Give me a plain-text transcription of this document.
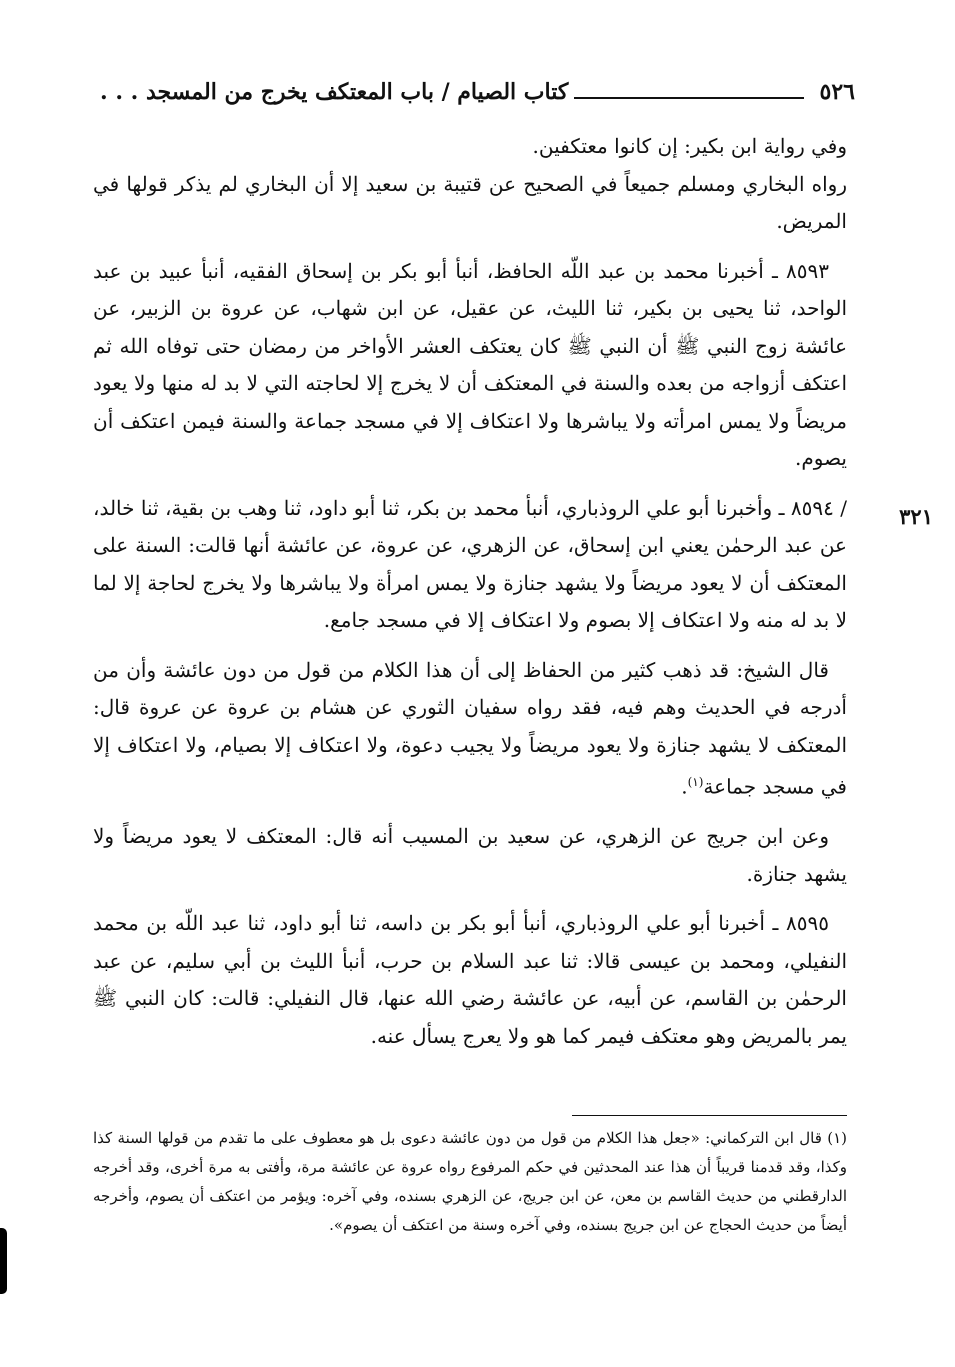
٥٢٦
كتاب الصيام / باب المعتكف يخرج من المسجد . . .
٣٢١

وفي رواية ابن بكير: إن كانوا معتكفين.

رواه البخاري ومسلم جميعاً في الصحيح عن قتيبة بن سعيد إلا أن البخاري لم يذكر قولها في المريض.

٨٥٩٣ ـ أخبرنا محمد بن عبد اللّه الحافظ، أنبأ أبو بكر بن إسحاق الفقيه، أنبأ عبيد بن عبد الواحد، ثنا يحيى بن بكير، ثنا الليث، عن عقيل، عن ابن شهاب، عن عروة بن الزبير، عن عائشة زوج النبي ﷺ أن النبي ﷺ كان يعتكف العشر الأواخر من رمضان حتى توفاه الله ثم اعتكف أزواجه من بعده والسنة في المعتكف أن لا يخرج إلا لحاجته التي لا بد له منها ولا يعود مريضاً ولا يمس امرأته ولا يباشرها ولا اعتكاف إلا في مسجد جماعة والسنة فيمن اعتكف أن يصوم.

/ ٨٥٩٤ ـ وأخبرنا أبو علي الروذباري، أنبأ محمد بن بكر، ثنا أبو داود، ثنا وهب بن بقية، ثنا خالد، عن عبد الرحمٰن يعني ابن إسحاق، عن الزهري، عن عروة، عن عائشة أنها قالت: السنة على المعتكف أن لا يعود مريضاً ولا يشهد جنازة ولا يمس امرأة ولا يباشرها ولا يخرج لحاجة إلا لما لا بد له منه ولا اعتكاف إلا بصوم ولا اعتكاف إلا في مسجد جامع.

قال الشيخ: قد ذهب كثير من الحفاظ إلى أن هذا الكلام من قول من دون عائشة وأن من أدرجه في الحديث وهم فيه، فقد رواه سفيان الثوري عن هشام بن عروة عن عروة قال: المعتكف لا يشهد جنازة ولا يعود مريضاً ولا يجيب دعوة، ولا اعتكاف إلا بصيام، ولا اعتكاف إلا في مسجد جماعة$^{(١)}$.

وعن ابن جريج عن الزهري، عن سعيد بن المسيب أنه قال: المعتكف لا يعود مريضاً ولا يشهد جنازة.

٨٥٩٥ ـ أخبرنا أبو علي الروذباري، أنبأ أبو بكر بن داسه، ثنا أبو داود، ثنا عبد اللّه بن محمد النفيلي، ومحمد بن عيسى قالا: ثنا عبد السلام بن حرب، أنبأ الليث بن أبي سليم، عن عبد الرحمٰن بن القاسم، عن أبيه، عن عائشة رضي الله عنها، قال النفيلي: قالت: كان النبي ﷺ يمر بالمريض وهو معتكف فيمر كما هو ولا يعرج يسأل عنه.

(١) قال ابن التركماني: «جعل هذا الكلام من قول من دون عائشة دعوى بل هو معطوف على ما تقدم من قولها السنة كذا وكذا، وقد قدمنا قريباً أن هذا عند المحدثين في حكم المرفوع رواه عروة عن عائشة مرة، وأفتى به مرة أخرى، وقد أخرجه الدارقطني من حديث القاسم بن معن، عن ابن جريج، عن الزهري بسنده، وفي آخره: ويؤمر من اعتكف أن يصوم، وأخرجه أيضاً من حديث الحجاج عن ابن جريج بسنده، وفي آخره وسنة من اعتكف أن يصوم».
